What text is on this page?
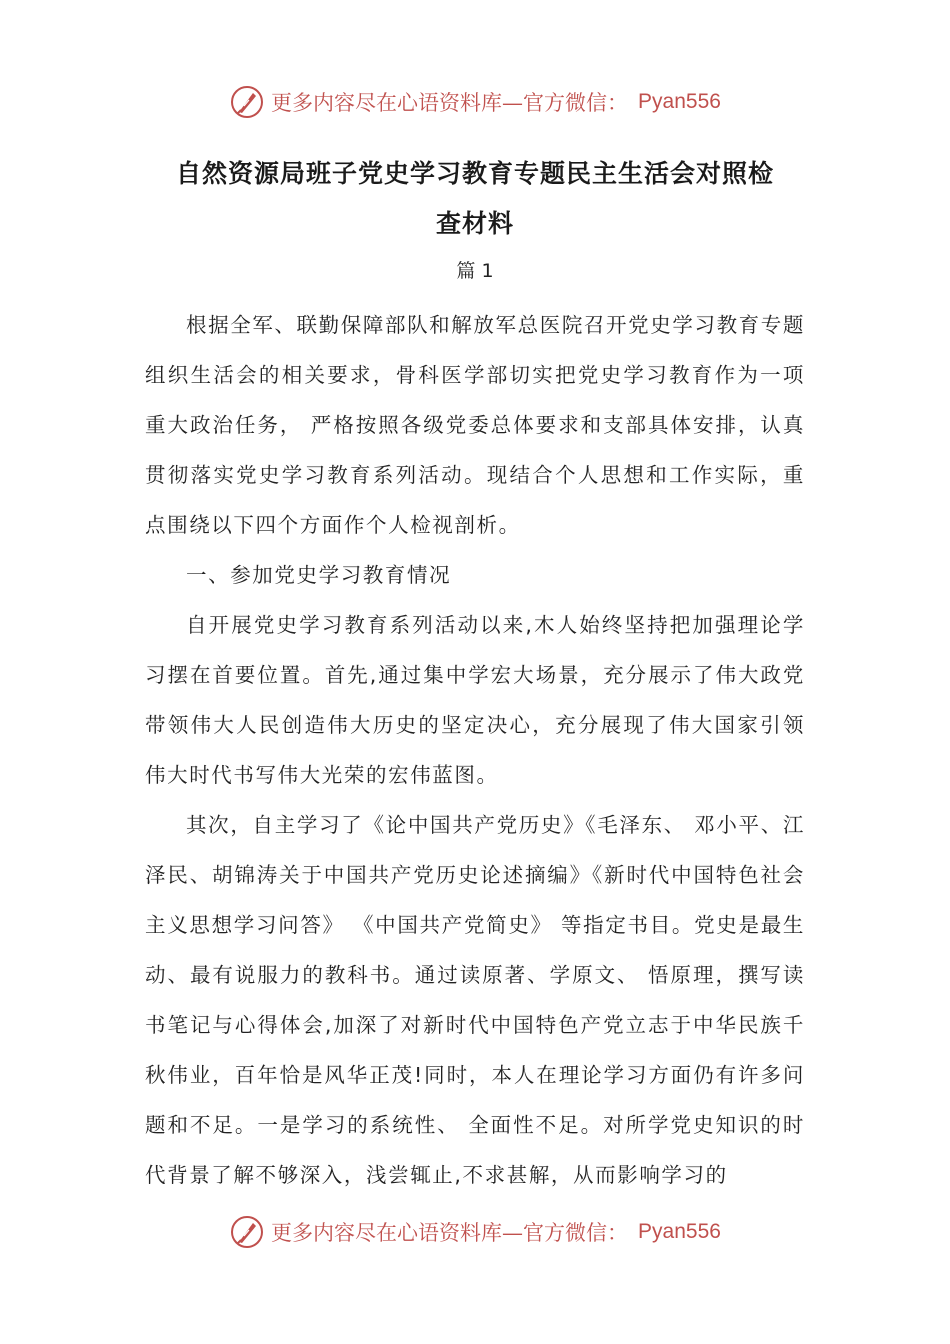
更多内容尽在心语资料库—官方微信： Pyan556
自然资源局班子党史学习教育专题民主生活会对照检
查材料
篇 1

根据全军、联勤保障部队和解放军总医院召开党史学习教育专题组织生活会的相关要求，骨科医学部切实把党史学习教育作为一项重大政治任务， 严格按照各级党委总体要求和支部具体安排，认真贯彻落实党史学习教育系列活动。现结合个人思想和工作实际，重点围绕以下四个方面作个人检视剖析。

一、参加党史学习教育情况

自开展党史学习教育系列活动以来,木人始终坚持把加强理论学习摆在首要位置。首先,通过集中学宏大场景，充分展示了伟大政党带领伟大人民创造伟大历史的坚定决心，充分展现了伟大国家引领伟大时代书写伟大光荣的宏伟蓝图。

其次，自主学习了《论中国共产党历史》《毛泽东、 邓小平、江泽民、胡锦涛关于中国共产党历史论述摘编》《新时代中国特色社会主义思想学习问答》 《中国共产党简史》 等指定书目。党史是最生动、最有说服力的教科书。通过读原著、学原文、 悟原理，撰写读书笔记与心得体会,加深了对新时代中国特色产党立志于中华民族千秋伟业，百年恰是风华正茂!同时，本人在理论学习方面仍有许多问题和不足。一是学习的系统性、 全面性不足。对所学党史知识的时代背景了解不够深入，浅尝辄止,不求甚解，从而影响学习的

更多内容尽在心语资料库—官方微信： Pyan556
